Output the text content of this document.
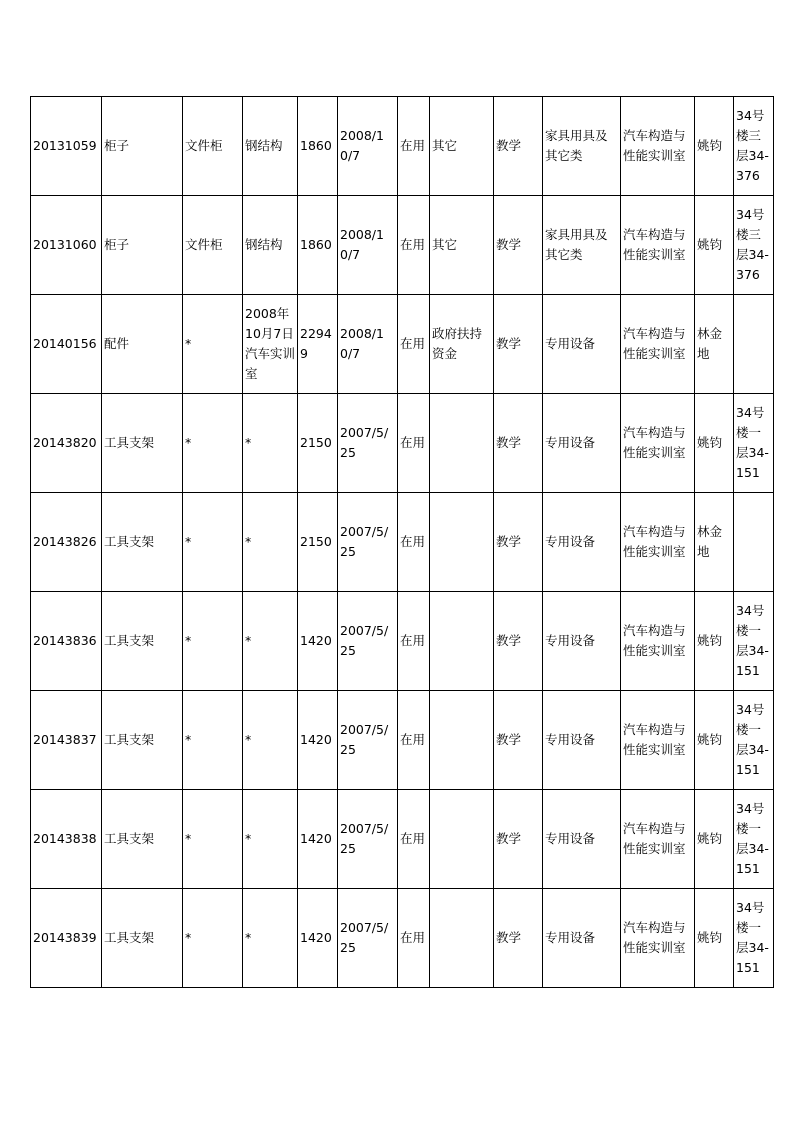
20131059	柜子	文件柜	钢结构	1860	2008/10/7	在用	其它	教学	家具用具及其它类	汽车构造与性能实训室	姚钧	34号楼三层34-376
20131060	柜子	文件柜	钢结构	1860	2008/10/7	在用	其它	教学	家具用具及其它类	汽车构造与性能实训室	姚钧	34号楼三层34-376
20140156	配件	*	2008年10月7日汽车实训室	22949	2008/10/7	在用	政府扶持资金	教学	专用设备	汽车构造与性能实训室	林金地	
20143820	工具支架	*	*	2150	2007/5/25	在用		教学	专用设备	汽车构造与性能实训室	姚钧	34号楼一层34-151
20143826	工具支架	*	*	2150	2007/5/25	在用		教学	专用设备	汽车构造与性能实训室	林金地	
20143836	工具支架	*	*	1420	2007/5/25	在用		教学	专用设备	汽车构造与性能实训室	姚钧	34号楼一层34-151
20143837	工具支架	*	*	1420	2007/5/25	在用		教学	专用设备	汽车构造与性能实训室	姚钧	34号楼一层34-151
20143838	工具支架	*	*	1420	2007/5/25	在用		教学	专用设备	汽车构造与性能实训室	姚钧	34号楼一层34-151
20143839	工具支架	*	*	1420	2007/5/25	在用		教学	专用设备	汽车构造与性能实训室	姚钧	34号楼一层34-151
